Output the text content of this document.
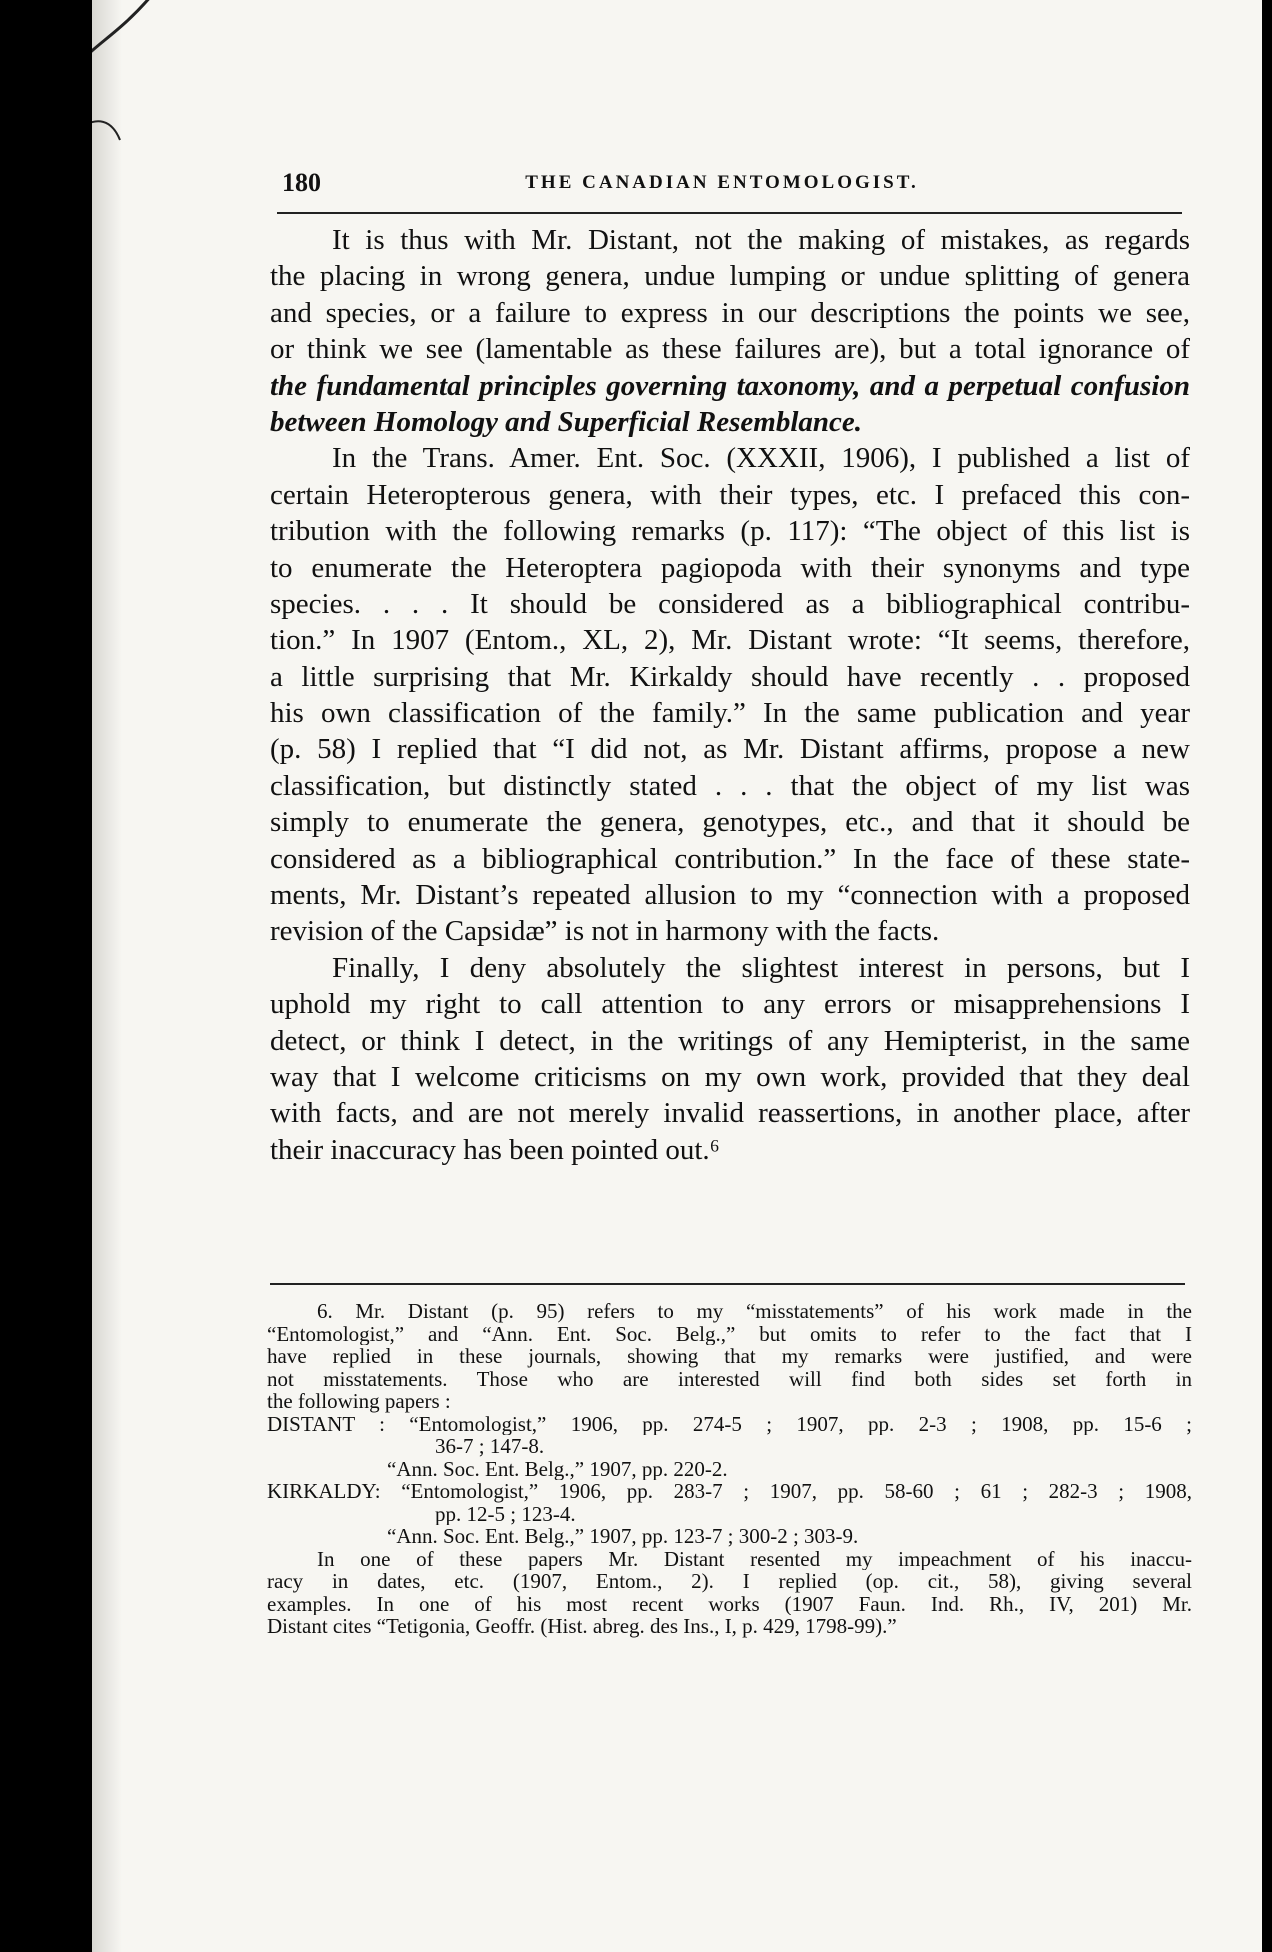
180	THE CANADIAN ENTOMOLOGIST.
It is thus with Mr. Distant, not the making of mistakes, as regards
the placing in wrong genera, undue lumping or undue splitting of genera
and species, or a failure to express in our descriptions the points we see,
or think we see (lamentable as these failures are), but a total ignorance of
the fundamental principles governing taxonomy, and a perpetual confusion
between Homology and Superficial Resemblance.
In the Trans. Amer. Ent. Soc. (XXXII, 1906), I published a list of
certain Heteropterous genera, with their types, etc. I prefaced this con-
tribution with the following remarks (p. 117): “The object of this list is
to enumerate the Heteroptera pagiopoda with their synonyms and type
species. . . . It should be considered as a bibliographical contribu-
tion.” In 1907 (Entom., XL, 2), Mr. Distant wrote: “It seems, therefore,
a little surprising that Mr. Kirkaldy should have recently . . proposed
his own classification of the family.” In the same publication and year
(p. 58) I replied that “I did not, as Mr. Distant affirms, propose a new
classification, but distinctly stated . . . that the object of my list was
simply to enumerate the genera, genotypes, etc., and that it should be
considered as a bibliographical contribution.” In the face of these state-
ments, Mr. Distant’s repeated allusion to my “connection with a proposed
revision of the Capsidæ” is not in harmony with the facts.
Finally, I deny absolutely the slightest interest in persons, but I
uphold my right to call attention to any errors or misapprehensions I
detect, or think I detect, in the writings of any Hemipterist, in the same
way that I welcome criticisms on my own work, provided that they deal
with facts, and are not merely invalid reassertions, in another place, after
their inaccuracy has been pointed out.⁶
6. Mr. Distant (p. 95) refers to my “misstatements” of his work made in the
“Entomologist,” and “Ann. Ent. Soc. Belg.,” but omits to refer to the fact that I
have replied in these journals, showing that my remarks were justified, and were
not misstatements. Those who are interested will find both sides set forth in
the following papers :
DISTANT : “Entomologist,” 1906, pp. 274-5 ; 1907, pp. 2-3 ; 1908, pp. 15-6 ;
36-7 ; 147-8.
“Ann. Soc. Ent. Belg.,” 1907, pp. 220-2.
KIRKALDY: “Entomologist,” 1906, pp. 283-7 ; 1907, pp. 58-60 ; 61 ; 282-3 ; 1908,
pp. 12-5 ; 123-4.
“Ann. Soc. Ent. Belg.,” 1907, pp. 123-7 ; 300-2 ; 303-9.
In one of these papers Mr. Distant resented my impeachment of his inaccu-
racy in dates, etc. (1907, Entom., 2). I replied (op. cit., 58), giving several
examples. In one of his most recent works (1907 Faun. Ind. Rh., IV, 201) Mr.
Distant cites “Tetigonia, Geoffr. (Hist. abreg. des Ins., I, p. 429, 1798-99).”
